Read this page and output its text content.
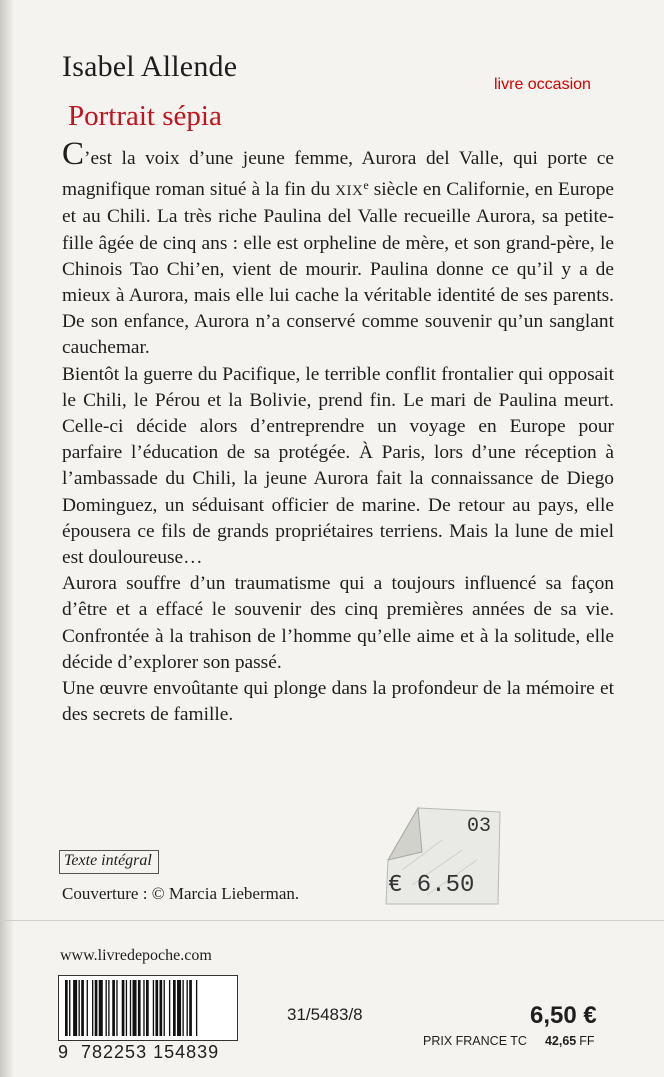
Isabel Allende
livre occasion
Portrait sépia

C’est la voix d’une jeune femme, Aurora del Valle, qui porte ce magnifique roman situé à la fin du XIXe siècle en Californie, en Europe et au Chili. La très riche Paulina del Valle recueille Aurora, sa petite-fille âgée de cinq ans : elle est orpheline de mère, et son grand-père, le Chinois Tao Chi’en, vient de mourir. Paulina donne ce qu’il y a de mieux à Aurora, mais elle lui cache la véritable identité de ses parents. De son enfance, Aurora n’a conservé comme souvenir qu’un sanglant cauchemar.

Bientôt la guerre du Pacifique, le terrible conflit frontalier qui opposait le Chili, le Pérou et la Bolivie, prend fin. Le mari de Paulina meurt. Celle-ci décide alors d’entreprendre un voyage en Europe pour parfaire l’éducation de sa protégée. À Paris, lors d’une réception à l’ambassade du Chili, la jeune Aurora fait la connaissance de Diego Dominguez, un séduisant officier de marine. De retour au pays, elle épousera ce fils de grands propriétaires terriens. Mais la lune de miel est douloureuse…

Aurora souffre d’un traumatisme qui a toujours influencé sa façon d’être et a effacé le souvenir des cinq premières années de sa vie. Confrontée à la trahison de l’homme qu’elle aime et à la solitude, elle décide d’explorer son passé.

Une œuvre envoûtante qui plonge dans la profondeur de la mémoire et des secrets de famille.

03
€ 6.50
Texte intégral
Couverture : © Marcia Lieberman.
www.livredepoche.com
9 782253 154839
31/5483/8	6,50 €
PRIX FRANCE TC 42,65 FF
